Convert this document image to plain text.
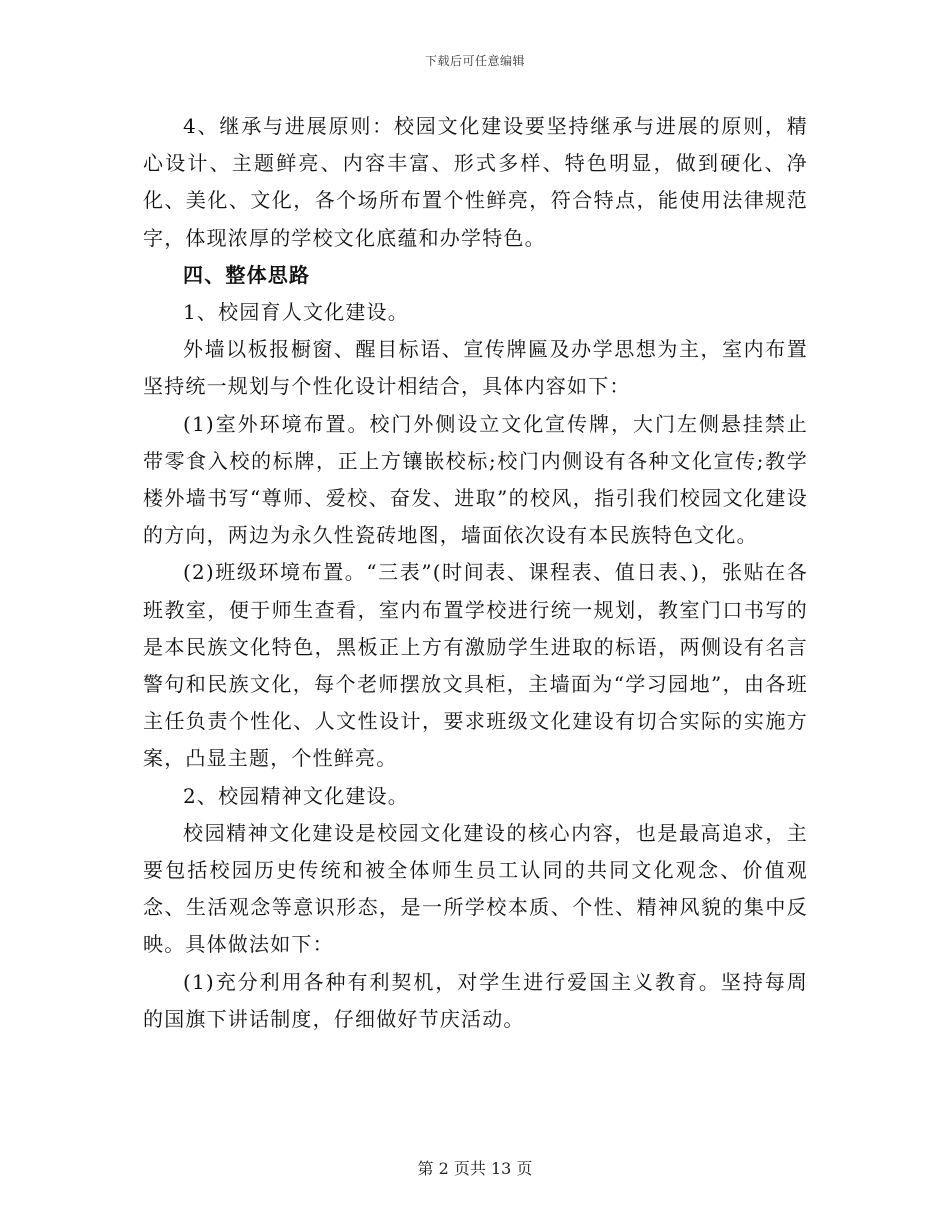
下载后可任意编辑

4、继承与进展原则：校园文化建设要坚持继承与进展的原则，精心设计、主题鲜亮、内容丰富、形式多样、特色明显，做到硬化、净化、美化、文化，各个场所布置个性鲜亮，符合特点，能使用法律规范字，体现浓厚的学校文化底蕴和办学特色。

四、整体思路

1、校园育人文化建设。

外墙以板报橱窗、醒目标语、宣传牌匾及办学思想为主，室内布置坚持统一规划与个性化设计相结合，具体内容如下：

(1)室外环境布置。校门外侧设立文化宣传牌，大门左侧悬挂禁止带零食入校的标牌，正上方镶嵌校标;校门内侧设有各种文化宣传;教学楼外墙书写“尊师、爱校、奋发、进取”的校风，指引我们校园文化建设的方向，两边为永久性瓷砖地图，墙面依次设有本民族特色文化。

(2)班级环境布置。“三表”(时间表、课程表、值日表、)，张贴在各班教室，便于师生查看，室内布置学校进行统一规划，教室门口书写的是本民族文化特色，黑板正上方有激励学生进取的标语，两侧设有名言警句和民族文化，每个老师摆放文具柜，主墙面为“学习园地”，由各班主任负责个性化、人文性设计，要求班级文化建设有切合实际的实施方案，凸显主题，个性鲜亮。

2、校园精神文化建设。

校园精神文化建设是校园文化建设的核心内容，也是最高追求，主要包括校园历史传统和被全体师生员工认同的共同文化观念、价值观念、生活观念等意识形态，是一所学校本质、个性、精神风貌的集中反映。具体做法如下：

(1)充分利用各种有利契机，对学生进行爱国主义教育。坚持每周的国旗下讲话制度，仔细做好节庆活动。

第 2 页共 13 页
